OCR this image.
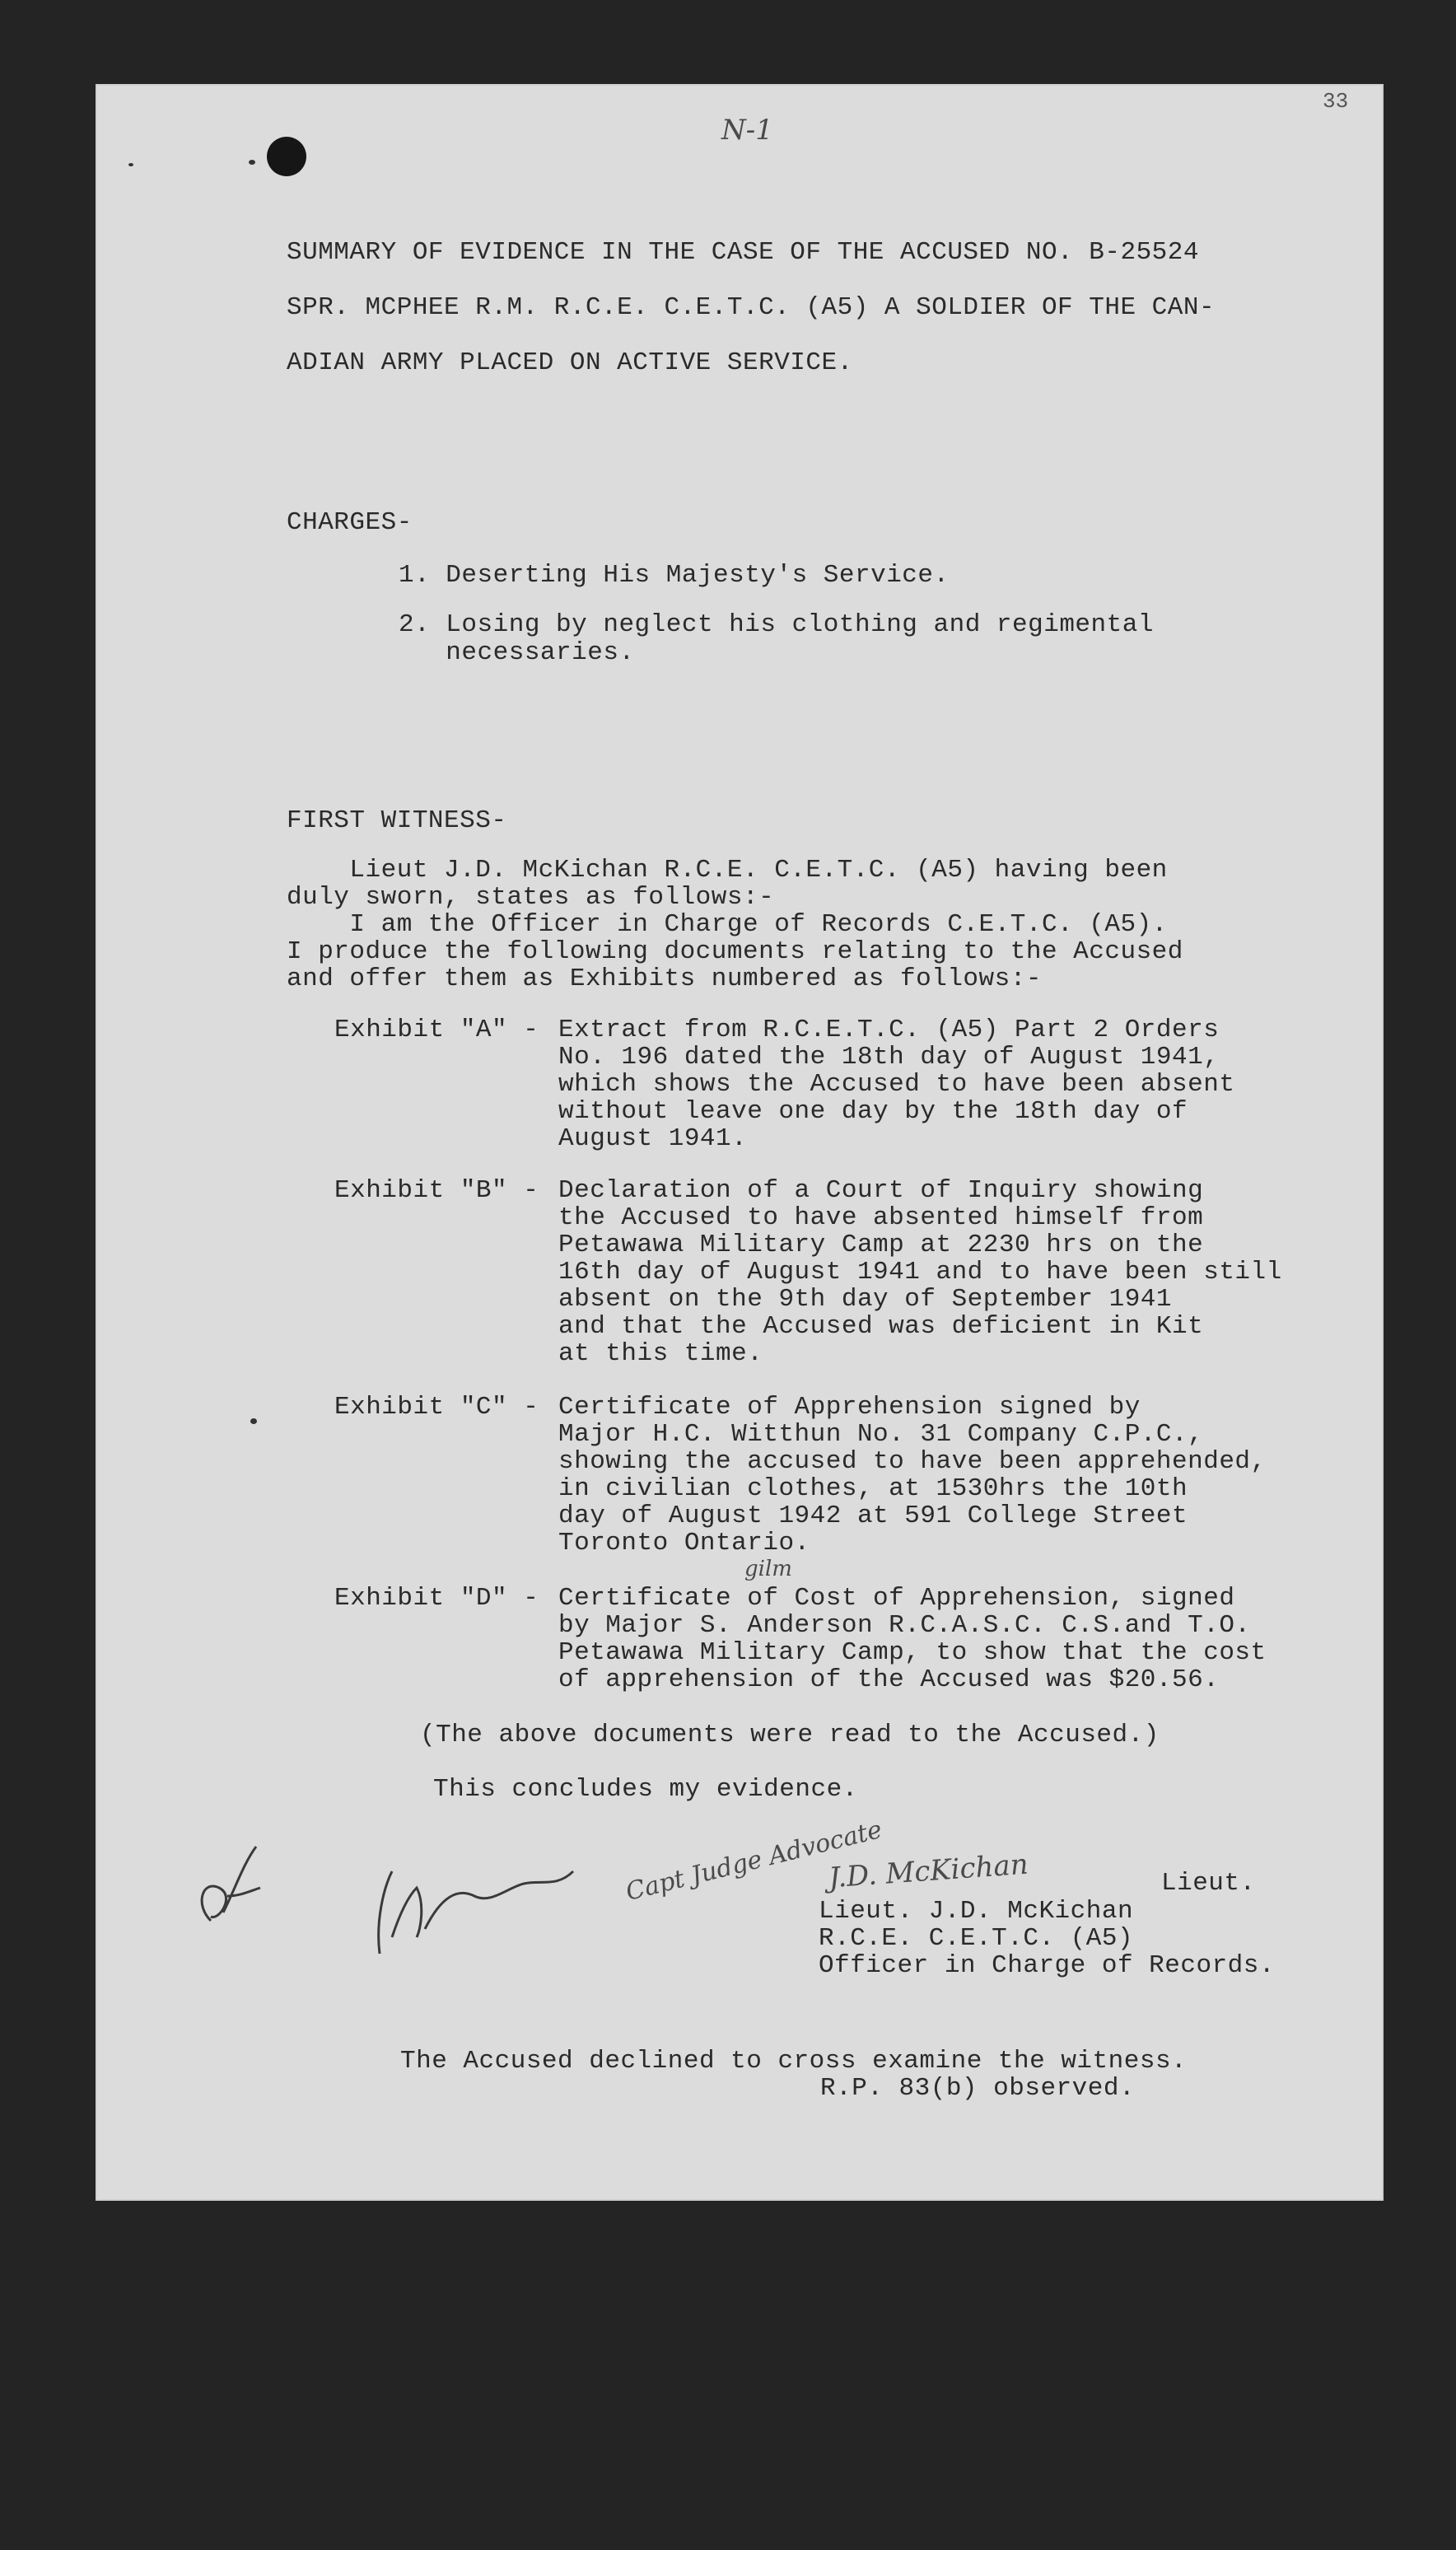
N-1
33
SUMMARY OF EVIDENCE IN THE CASE OF THE ACCUSED NO. B-25524
SPR. MCPHEE R.M. R.C.E. C.E.T.C. (A5) A SOLDIER OF THE CAN-
ADIAN ARMY PLACED ON ACTIVE SERVICE.
CHARGES-
1. Deserting His Majesty's Service.
2. Losing by neglect his clothing and regimental
necessaries.
FIRST WITNESS-
Lieut J.D. McKichan R.C.E. C.E.T.C. (A5) having been
duly sworn, states as follows:-
I am the Officer in Charge of Records C.E.T.C. (A5).
I produce the following documents relating to the Accused
and offer them as Exhibits numbered as follows:-
Exhibit "A" - Extract from R.C.E.T.C. (A5) Part 2 Orders
No. 196 dated the 18th day of August 1941,
which shows the Accused to have been absent
without leave one day by the 18th day of
August 1941.
Exhibit "B" - Declaration of a Court of Inquiry showing
the Accused to have absented himself from
Petawawa Military Camp at 2230 hrs on the
16th day of August 1941 and to have been still
absent on the 9th day of September 1941
and that the Accused was deficient in Kit
at this time.
Exhibit "C" - Certificate of Apprehension signed by
Major H.C. Witthun No. 31 Company C.P.C.,
showing the accused to have been apprehended,
in civilian clothes, at 1530hrs the 10th
day of August 1942 at 591 College Street
Toronto Ontario.
gilm
Exhibit "D" - Certificate of Cost of Apprehension, signed
by Major S. Anderson R.C.A.S.C. C.S.and T.O.
Petawawa Military Camp, to show that the cost
of apprehension of the Accused was $20.56.
(The above documents were read to the Accused.)
This concludes my evidence.
Capt Judge Advocate
J.D. McKichan	Lieut.
Lieut. J.D. McKichan
R.C.E. C.E.T.C. (A5)
Officer in Charge of Records.
The Accused declined to cross examine the witness.
R.P. 83(b) observed.
